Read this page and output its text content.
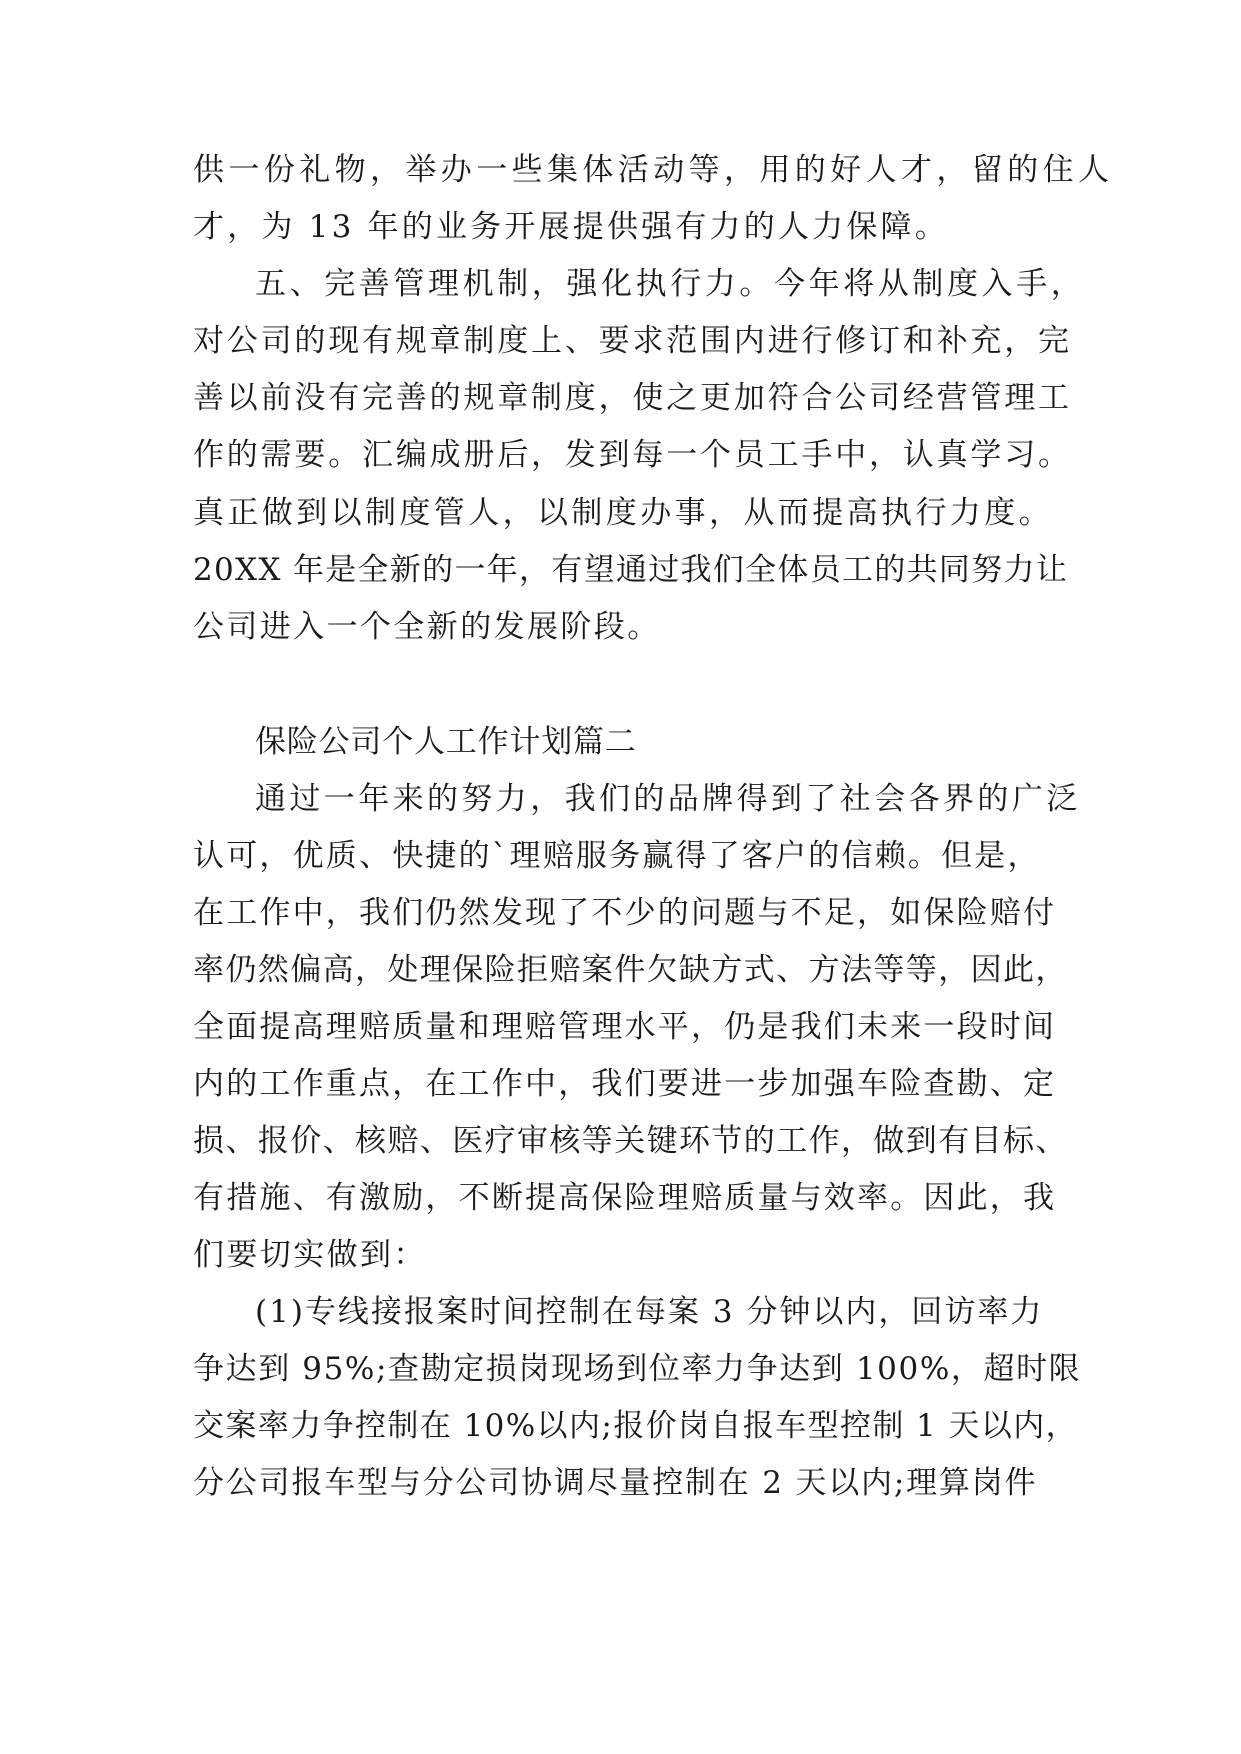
供一份礼物，举办一些集体活动等，用的好人才，留的住人
才，为 13 年的业务开展提供强有力的人力保障。
五、完善管理机制，强化执行力。今年将从制度入手，
对公司的现有规章制度上、要求范围内进行修订和补充，完
善以前没有完善的规章制度，使之更加符合公司经营管理工
作的需要。汇编成册后，发到每一个员工手中，认真学习。
真正做到以制度管人，以制度办事，从而提高执行力度。
20XX 年是全新的一年，有望通过我们全体员工的共同努力让
公司进入一个全新的发展阶段。
保险公司个人工作计划篇二
通过一年来的努力，我们的品牌得到了社会各界的广泛
认可，优质、快捷的`理赔服务赢得了客户的信赖。但是，
在工作中，我们仍然发现了不少的问题与不足，如保险赔付
率仍然偏高，处理保险拒赔案件欠缺方式、方法等等，因此，
全面提高理赔质量和理赔管理水平，仍是我们未来一段时间
内的工作重点，在工作中，我们要进一步加强车险查勘、定
损、报价、核赔、医疗审核等关键环节的工作，做到有目标、
有措施、有激励，不断提高保险理赔质量与效率。因此，我
们要切实做到：
(1)专线接报案时间控制在每案 3 分钟以内，回访率力
争达到 95%;查勘定损岗现场到位率力争达到 100%，超时限
交案率力争控制在 10%以内;报价岗自报车型控制 1 天以内，
分公司报车型与分公司协调尽量控制在 2 天以内;理算岗件
